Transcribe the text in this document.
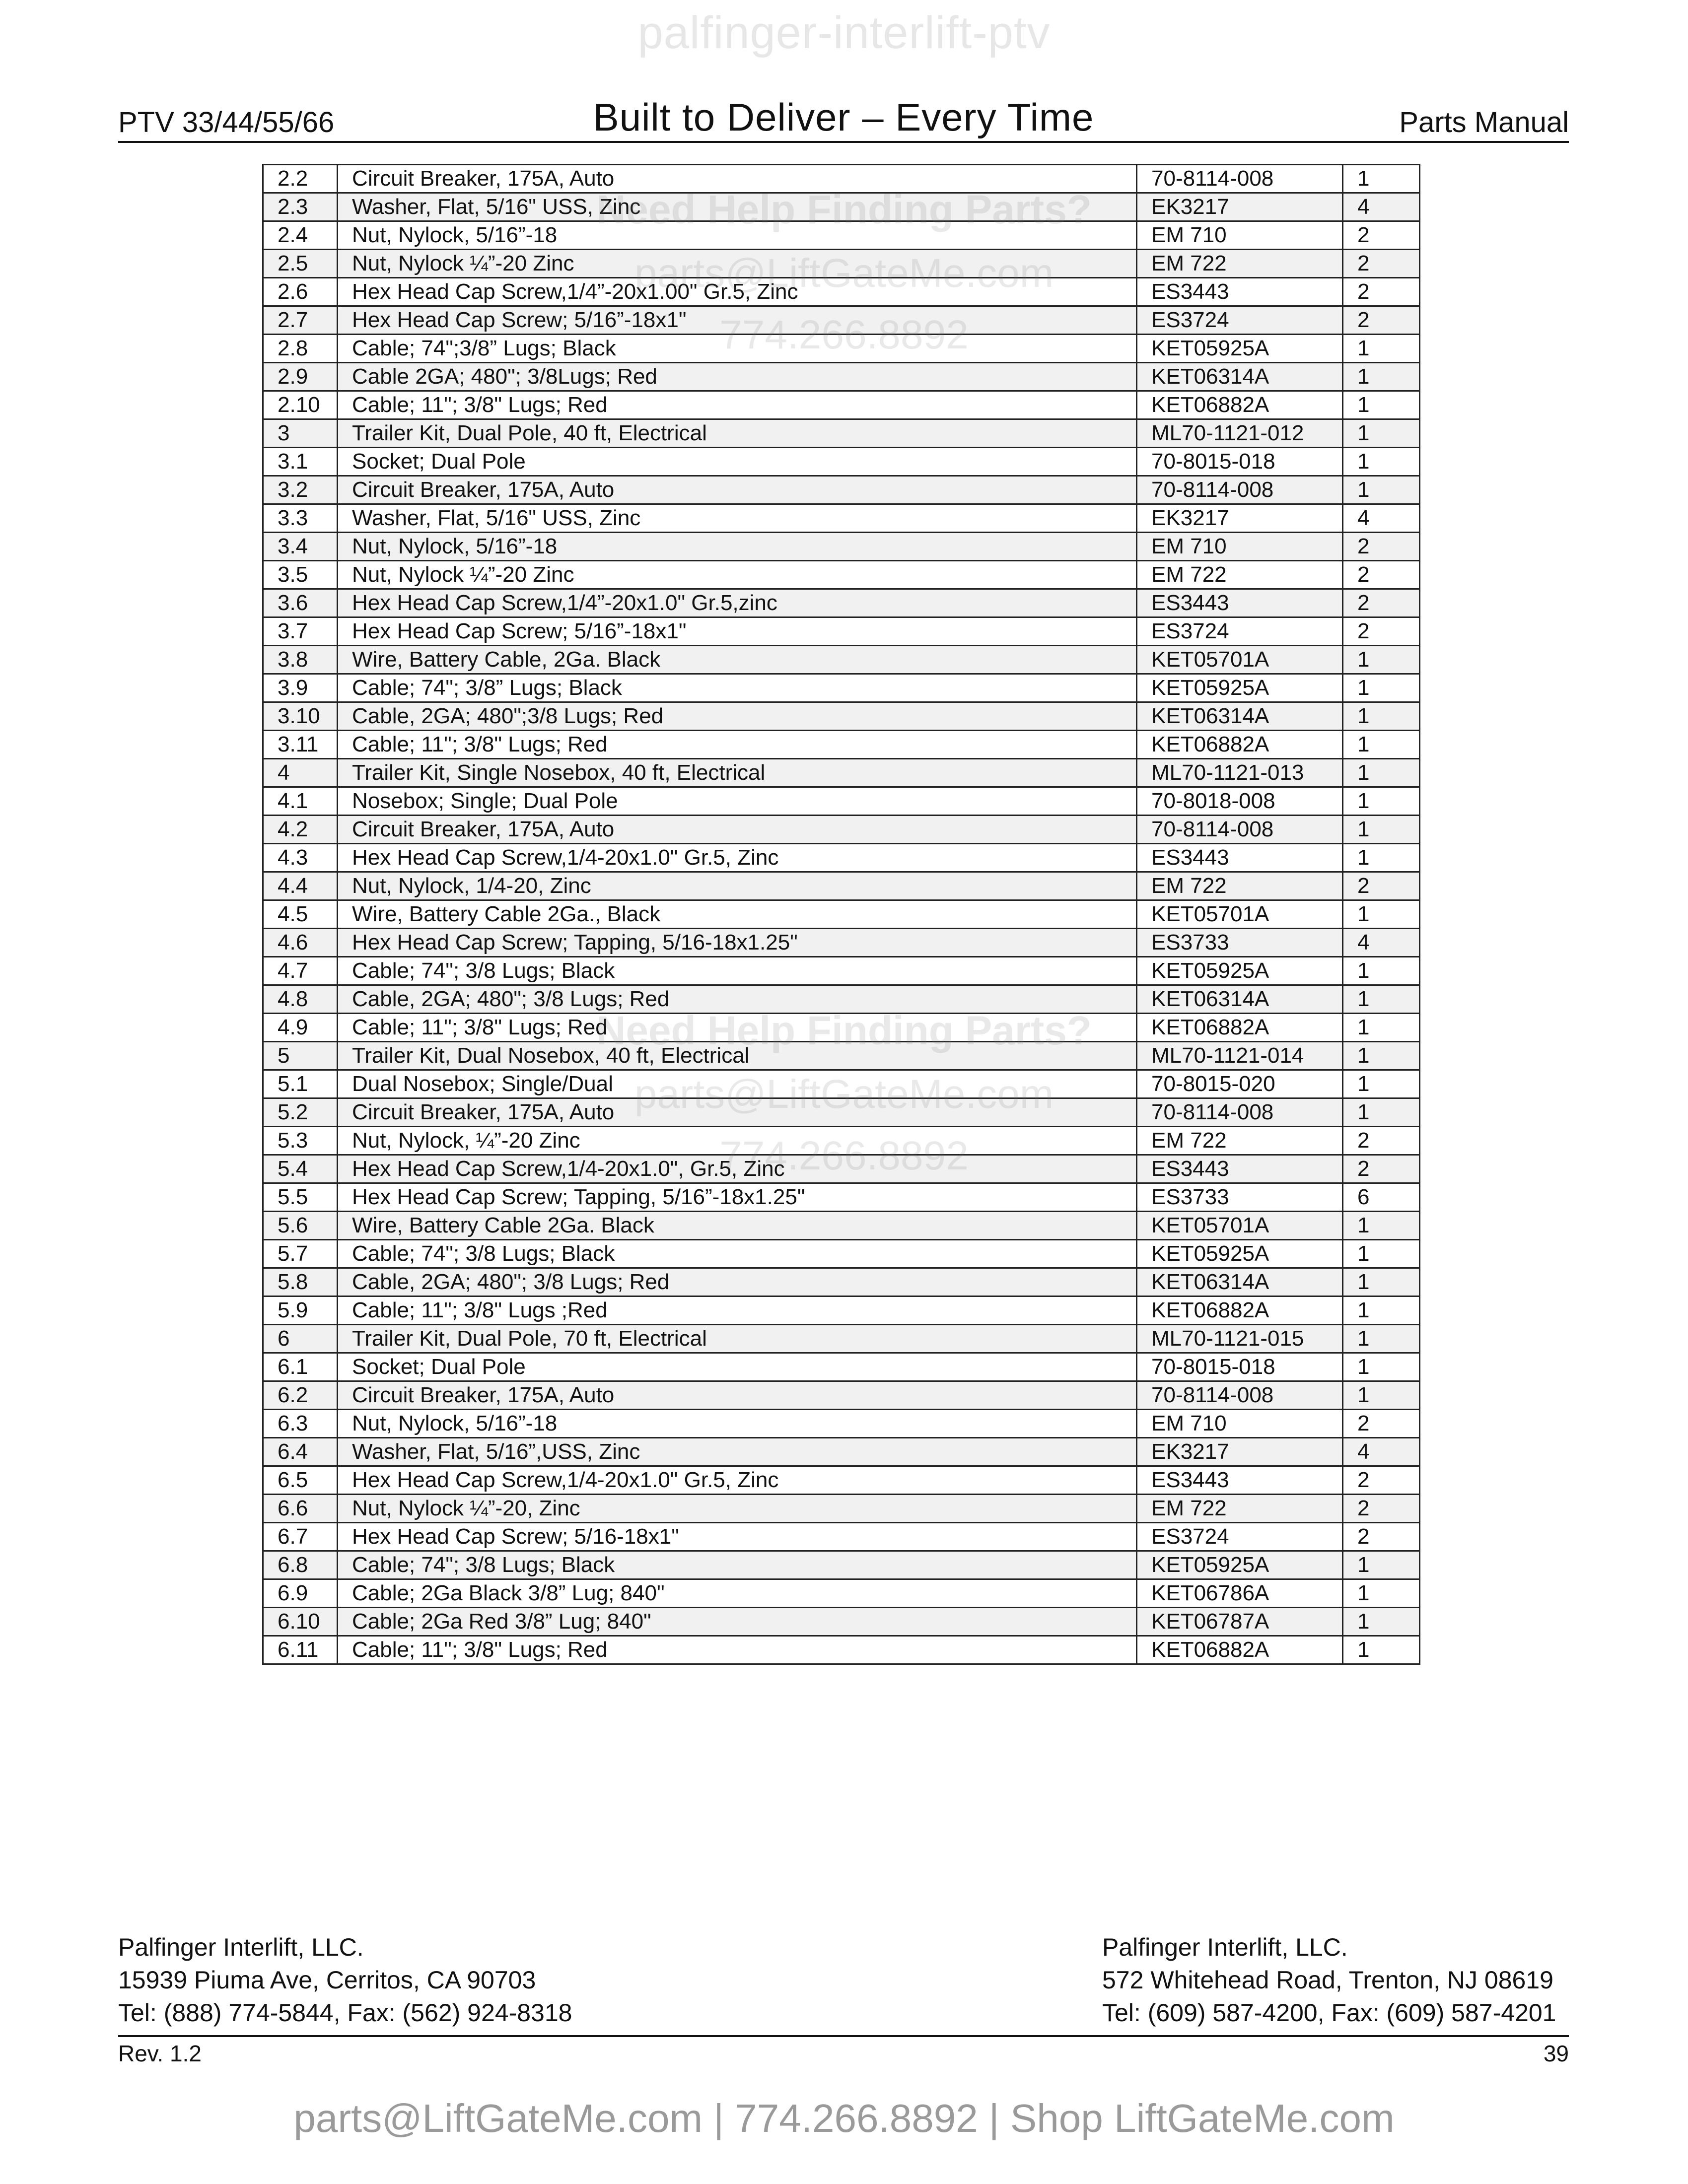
palfinger-interlift-ptv
PTV 33/44/55/66	Built to Deliver – Every Time	Parts Manual
2.2	Circuit Breaker, 175A, Auto	70-8114-008	1
2.3	Washer, Flat, 5/16" USS, Zinc	EK3217	4
2.4	Nut, Nylock, 5/16”-18	EM 710	2
2.5	Nut, Nylock ¼”-20 Zinc	EM 722	2
2.6	Hex Head Cap Screw,1/4”-20x1.00" Gr.5, Zinc	ES3443	2
2.7	Hex Head Cap Screw; 5/16”-18x1"	ES3724	2
2.8	Cable; 74";3/8” Lugs; Black	KET05925A	1
2.9	Cable 2GA; 480"; 3/8Lugs; Red	KET06314A	1
2.10	Cable; 11"; 3/8" Lugs; Red	KET06882A	1
3	Trailer Kit, Dual Pole, 40 ft, Electrical	ML70-1121-012	1
3.1	Socket; Dual Pole	70-8015-018	1
3.2	Circuit Breaker, 175A, Auto	70-8114-008	1
3.3	Washer, Flat, 5/16" USS, Zinc	EK3217	4
3.4	Nut, Nylock, 5/16”-18	EM 710	2
3.5	Nut, Nylock ¼”-20 Zinc	EM 722	2
3.6	Hex Head Cap Screw,1/4”-20x1.0" Gr.5,zinc	ES3443	2
3.7	Hex Head Cap Screw; 5/16”-18x1"	ES3724	2
3.8	Wire, Battery Cable, 2Ga. Black	KET05701A	1
3.9	Cable; 74"; 3/8” Lugs; Black	KET05925A	1
3.10	Cable, 2GA; 480";3/8 Lugs; Red	KET06314A	1
3.11	Cable; 11"; 3/8" Lugs; Red	KET06882A	1
4	Trailer Kit, Single Nosebox, 40 ft, Electrical	ML70-1121-013	1
4.1	Nosebox; Single; Dual Pole	70-8018-008	1
4.2	Circuit Breaker, 175A, Auto	70-8114-008	1
4.3	Hex Head Cap Screw,1/4-20x1.0" Gr.5, Zinc	ES3443	1
4.4	Nut, Nylock, 1/4-20, Zinc	EM 722	2
4.5	Wire, Battery Cable 2Ga., Black	KET05701A	1
4.6	Hex Head Cap Screw; Tapping, 5/16-18x1.25"	ES3733	4
4.7	Cable; 74"; 3/8 Lugs; Black	KET05925A	1
4.8	Cable, 2GA; 480"; 3/8 Lugs; Red	KET06314A	1
4.9	Cable; 11"; 3/8" Lugs; Red	KET06882A	1
5	Trailer Kit, Dual Nosebox, 40 ft, Electrical	ML70-1121-014	1
5.1	Dual Nosebox; Single/Dual	70-8015-020	1
5.2	Circuit Breaker, 175A, Auto	70-8114-008	1
5.3	Nut, Nylock, ¼”-20 Zinc	EM 722	2
5.4	Hex Head Cap Screw,1/4-20x1.0", Gr.5, Zinc	ES3443	2
5.5	Hex Head Cap Screw; Tapping, 5/16”-18x1.25"	ES3733	6
5.6	Wire, Battery Cable 2Ga. Black	KET05701A	1
5.7	Cable; 74"; 3/8 Lugs; Black	KET05925A	1
5.8	Cable, 2GA; 480"; 3/8 Lugs; Red	KET06314A	1
5.9	Cable; 11"; 3/8" Lugs ;Red	KET06882A	1
6	Trailer Kit, Dual Pole, 70 ft, Electrical	ML70-1121-015	1
6.1	Socket; Dual Pole	70-8015-018	1
6.2	Circuit Breaker, 175A, Auto	70-8114-008	1
6.3	Nut, Nylock, 5/16”-18	EM 710	2
6.4	Washer, Flat, 5/16”,USS, Zinc	EK3217	4
6.5	Hex Head Cap Screw,1/4-20x1.0" Gr.5, Zinc	ES3443	2
6.6	Nut, Nylock ¼”-20, Zinc	EM 722	2
6.7	Hex Head Cap Screw; 5/16-18x1"	ES3724	2
6.8	Cable; 74"; 3/8 Lugs; Black	KET05925A	1
6.9	Cable; 2Ga Black 3/8” Lug; 840"	KET06786A	1
6.10	Cable; 2Ga Red 3/8” Lug; 840"	KET06787A	1
6.11	Cable; 11"; 3/8" Lugs; Red	KET06882A	1
774.266.8892
Need Help Finding Parts?
parts@LiftGateMe.com
Palfinger Interlift, LLC.
15939 Piuma Ave, Cerritos, CA 90703
Tel: (888) 774-5844, Fax: (562) 924-8318
Palfinger Interlift, LLC.
572 Whitehead Road, Trenton, NJ 08619
Tel: (609) 587-4200, Fax: (609) 587-4201
Rev. 1.2	39
parts@LiftGateMe.com | 774.266.8892 | Shop LiftGateMe.com
